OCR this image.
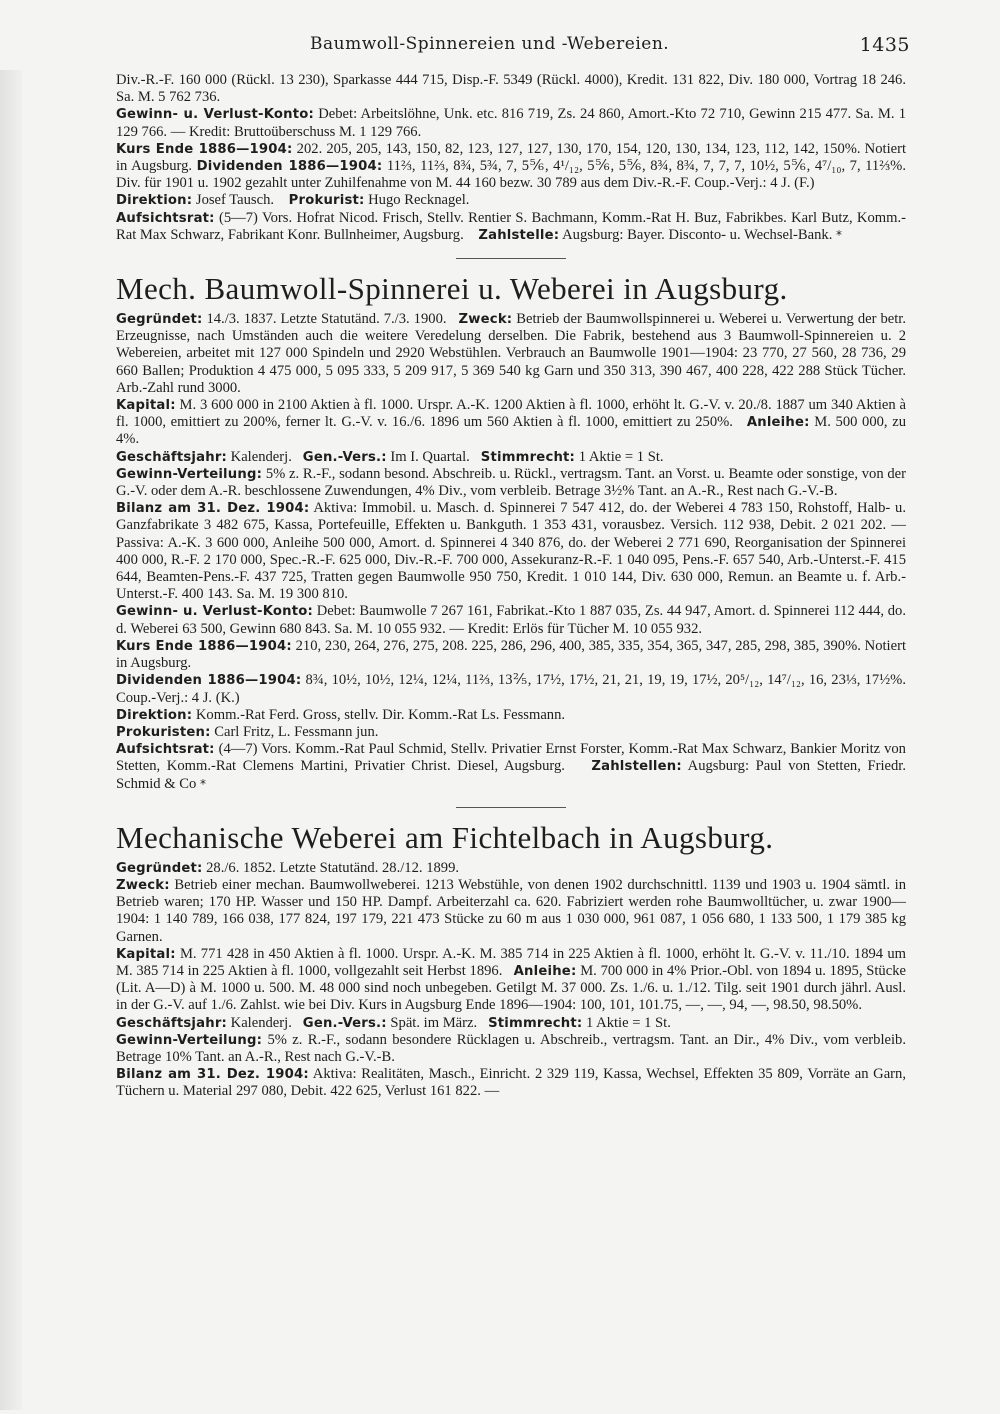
Baumwoll-Spinnereien und -Webereien.	1435

Div.-R.-F. 160 000 (Rückl. 13 230), Sparkasse 444 715, Disp.-F. 5349 (Rückl. 4000), Kredit. 131 822, Div. 180 000, Vortrag 18 246. Sa. M. 5 762 736.

Gewinn- u. Verlust-Konto: Debet: Arbeitslöhne, Unk. etc. 816 719, Zs. 24 860, Amort.-Kto 72 710, Gewinn 215 477. Sa. M. 1 129 766. — Kredit: Bruttoüberschuss M. 1 129 766.

Kurs Ende 1886—1904: 202. 205, 205, 143, 150, 82, 123, 127, 127, 130, 170, 154, 120, 130, 134, 123, 112, 142, 150%. Notiert in Augsburg. Dividenden 1886—1904: 11⅔, 11⅔, 8¾, 5¾, 7, 5⅚, 4¹/₁₂, 5⅚, 5⅚, 8¾, 8¾, 7, 7, 7, 10½, 5⅚, 4⁷/₁₀, 7, 11⅔%. Div. für 1901 u. 1902 gezahlt unter Zuhilfenahme von M. 44 160 bezw. 30 789 aus dem Div.-R.-F. Coup.-Verj.: 4 J. (F.)

Direktion: Josef Tausch. Prokurist: Hugo Recknagel.

Aufsichtsrat: (5—7) Vors. Hofrat Nicod. Frisch, Stellv. Rentier S. Bachmann, Komm.-Rat H. Buz, Fabrikbes. Karl Butz, Komm.-Rat Max Schwarz, Fabrikant Konr. Bullnheimer, Augsburg. Zahlstelle: Augsburg: Bayer. Disconto- u. Wechsel-Bank. *

Mech. Baumwoll-Spinnerei u. Weberei in Augsburg.

Gegründet: 14./3. 1837. Letzte Statutänd. 7./3. 1900. Zweck: Betrieb der Baumwollspinnerei u. Weberei u. Verwertung der betr. Erzeugnisse, nach Umständen auch die weitere Veredelung derselben. Die Fabrik, bestehend aus 3 Baumwoll-Spinnereien u. 2 Webereien, arbeitet mit 127 000 Spindeln und 2920 Webstühlen. Verbrauch an Baumwolle 1901—1904: 23 770, 27 560, 28 736, 29 660 Ballen; Produktion 4 475 000, 5 095 333, 5 209 917, 5 369 540 kg Garn und 350 313, 390 467, 400 228, 422 288 Stück Tücher. Arb.-Zahl rund 3000.

Kapital: M. 3 600 000 in 2100 Aktien à fl. 1000. Urspr. A.-K. 1200 Aktien à fl. 1000, erhöht lt. G.-V. v. 20./8. 1887 um 340 Aktien à fl. 1000, emittiert zu 200%, ferner lt. G.-V. v. 16./6. 1896 um 560 Aktien à fl. 1000, emittiert zu 250%. Anleihe: M. 500 000, zu 4%.

Geschäftsjahr: Kalenderj. Gen.-Vers.: Im I. Quartal. Stimmrecht: 1 Aktie = 1 St.

Gewinn-Verteilung: 5% z. R.-F., sodann besond. Abschreib. u. Rückl., vertragsm. Tant. an Vorst. u. Beamte oder sonstige, von der G.-V. oder dem A.-R. beschlossene Zuwendungen, 4% Div., vom verbleib. Betrage 3½% Tant. an A.-R., Rest nach G.-V.-B.

Bilanz am 31. Dez. 1904: Aktiva: Immobil. u. Masch. d. Spinnerei 7 547 412, do. der Weberei 4 783 150, Rohstoff, Halb- u. Ganzfabrikate 3 482 675, Kassa, Portefeuille, Effekten u. Bankguth. 1 353 431, vorausbez. Versich. 112 938, Debit. 2 021 202. — Passiva: A.-K. 3 600 000, Anleihe 500 000, Amort. d. Spinnerei 4 340 876, do. der Weberei 2 771 690, Reorganisation der Spinnerei 400 000, R.-F. 2 170 000, Spec.-R.-F. 625 000, Div.-R.-F. 700 000, Assekuranz-R.-F. 1 040 095, Pens.-F. 657 540, Arb.-Unterst.-F. 415 644, Beamten-Pens.-F. 437 725, Tratten gegen Baumwolle 950 750, Kredit. 1 010 144, Div. 630 000, Remun. an Beamte u. f. Arb.-Unterst.-F. 400 143. Sa. M. 19 300 810.

Gewinn- u. Verlust-Konto: Debet: Baumwolle 7 267 161, Fabrikat.-Kto 1 887 035, Zs. 44 947, Amort. d. Spinnerei 112 444, do. d. Weberei 63 500, Gewinn 680 843. Sa. M. 10 055 932. — Kredit: Erlös für Tücher M. 10 055 932.

Kurs Ende 1886—1904: 210, 230, 264, 276, 275, 208. 225, 286, 296, 400, 385, 335, 354, 365, 347, 285, 298, 385, 390%. Notiert in Augsburg.

Dividenden 1886—1904: 8¾, 10½, 10½, 12¼, 12¼, 11⅔, 13⅖, 17½, 17½, 21, 21, 19, 19, 17½, 20⁵/₁₂, 14⁷/₁₂, 16, 23⅓, 17½%. Coup.-Verj.: 4 J. (K.)

Direktion: Komm.-Rat Ferd. Gross, stellv. Dir. Komm.-Rat Ls. Fessmann.

Prokuristen: Carl Fritz, L. Fessmann jun.

Aufsichtsrat: (4—7) Vors. Komm.-Rat Paul Schmid, Stellv. Privatier Ernst Forster, Komm.-Rat Max Schwarz, Bankier Moritz von Stetten, Komm.-Rat Clemens Martini, Privatier Christ. Diesel, Augsburg. Zahlstellen: Augsburg: Paul von Stetten, Friedr. Schmid & Co *

Mechanische Weberei am Fichtelbach in Augsburg.

Gegründet: 28./6. 1852. Letzte Statutänd. 28./12. 1899.

Zweck: Betrieb einer mechan. Baumwollweberei. 1213 Webstühle, von denen 1902 durchschnittl. 1139 und 1903 u. 1904 sämtl. in Betrieb waren; 170 HP. Wasser und 150 HP. Dampf. Arbeiterzahl ca. 620. Fabriziert werden rohe Baumwolltücher, u. zwar 1900—1904: 1 140 789, 166 038, 177 824, 197 179, 221 473 Stücke zu 60 m aus 1 030 000, 961 087, 1 056 680, 1 133 500, 1 179 385 kg Garnen.

Kapital: M. 771 428 in 450 Aktien à fl. 1000. Urspr. A.-K. M. 385 714 in 225 Aktien à fl. 1000, erhöht lt. G.-V. v. 11./10. 1894 um M. 385 714 in 225 Aktien à fl. 1000, vollgezahlt seit Herbst 1896. Anleihe: M. 700 000 in 4% Prior.-Obl. von 1894 u. 1895, Stücke (Lit. A—D) à M. 1000 u. 500. M. 48 000 sind noch unbegeben. Getilgt M. 37 000. Zs. 1./6. u. 1./12. Tilg. seit 1901 durch jährl. Ausl. in der G.-V. auf 1./6. Zahlst. wie bei Div. Kurs in Augsburg Ende 1896—1904: 100, 101, 101.75, —, —, 94, —, 98.50, 98.50%.

Geschäftsjahr: Kalenderj. Gen.-Vers.: Spät. im März. Stimmrecht: 1 Aktie = 1 St.

Gewinn-Verteilung: 5% z. R.-F., sodann besondere Rücklagen u. Abschreib., vertragsm. Tant. an Dir., 4% Div., vom verbleib. Betrage 10% Tant. an A.-R., Rest nach G.-V.-B.

Bilanz am 31. Dez. 1904: Aktiva: Realitäten, Masch., Einricht. 2 329 119, Kassa, Wechsel, Effekten 35 809, Vorräte an Garn, Tüchern u. Material 297 080, Debit. 422 625, Verlust 161 822. —
